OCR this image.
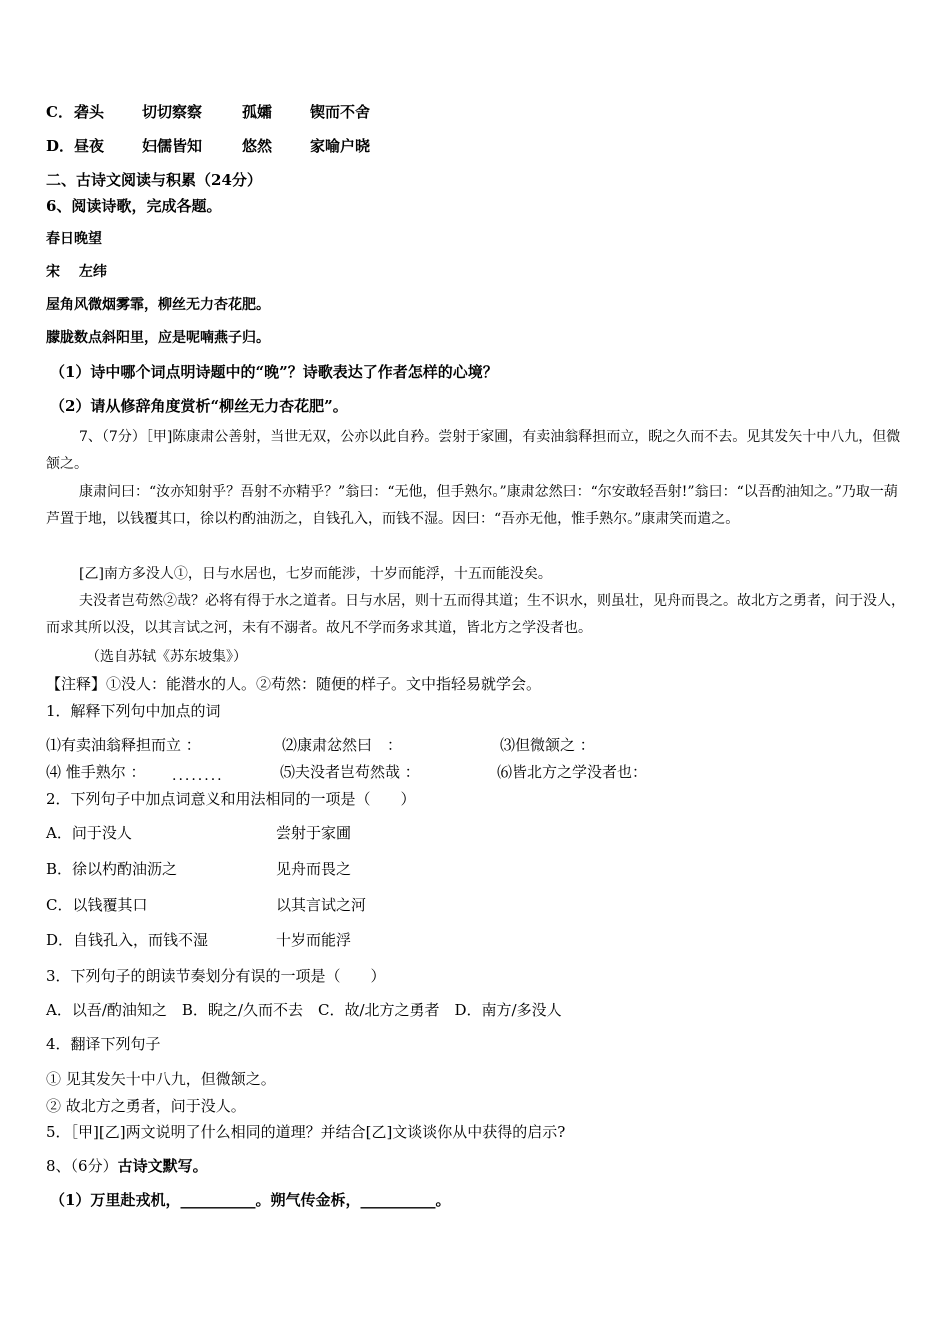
C． 砻头	切切察察	孤孀	锲而不舍
D． 昼夜	妇儒皆知	悠然	家喻户晓
二、古诗文阅读与积累（24分）
6、阅读诗歌，完成各题。
春日晚望
宋　 左纬
屋角风微烟雾霏，柳丝无力杏花肥。
朦胧数点斜阳里，应是呢喃燕子归。
（1）诗中哪个词点明诗题中的“晚”？诗歌表达了作者怎样的心境？
（2）请从修辞角度赏析“柳丝无力杏花肥”。
7、（7分）［甲]陈康肃公善射，当世无双，公亦以此自矜。尝射于家圃，有卖油翁释担而立，睨之久而不去。见其发矢十中八九，但微颔之。
康肃问曰：“汝亦知射乎？吾射不亦精乎？”翁曰：“无他，但手熟尔。”康肃忿然曰：“尔安敢轻吾射!”翁曰：“以吾酌油知之。”乃取一葫芦置于地，以钱覆其口，徐以杓酌油沥之，自钱孔入，而钱不湿。因曰：“吾亦无他，惟手熟尔。”康肃笑而遣之。
[乙]南方多没人①，日与水居也，七岁而能涉，十岁而能浮，十五而能没矣。
夫没者岂苟然②哉？必将有得于水之道者。日与水居，则十五而得其道；生不识水，则虽壮，见舟而畏之。故北方之勇者，问于没人，而求其所以没，以其言试之河，未有不溺者。故凡不学而务求其道，皆北方之学没者也。
（选自苏轼《苏东坡集》）
【注释】①没人：能潜水的人。②苟然：随便的样子。文中指轻易就学会。
1．解释下列句中加点的词
⑴有卖油翁释担而立 ：	⑵康肃忿然曰　：	⑶但微颔之 ：
⑷ 惟手熟尔 ： ........	⑸夫没者岂苟然哉 ：	⑹皆北方之学没者也：
2．下列句子中加点词意义和用法相同的一项是（　　）
A．问于没人	尝射于家圃
B．徐以杓酌油沥之	见舟而畏之
C．以钱覆其口	以其言试之河
D．自钱孔入，而钱不湿	十岁而能浮
3．下列句子的朗读节奏划分有误的一项是（　　）
A．以吾/酌油知之　B．睨之/久而不去　C．故/北方之勇者　D．南方/多没人
4．翻译下列句子
① 见其发矢十中八九，但微颔之。
② 故北方之勇者，问于没人。
5．［甲][乙]两文说明了什么相同的道理？并结合[乙]文谈谈你从中获得的启示?
8、（6分）古诗文默写。
（1）万里赴戎机，__________。朔气传金柝，__________。
